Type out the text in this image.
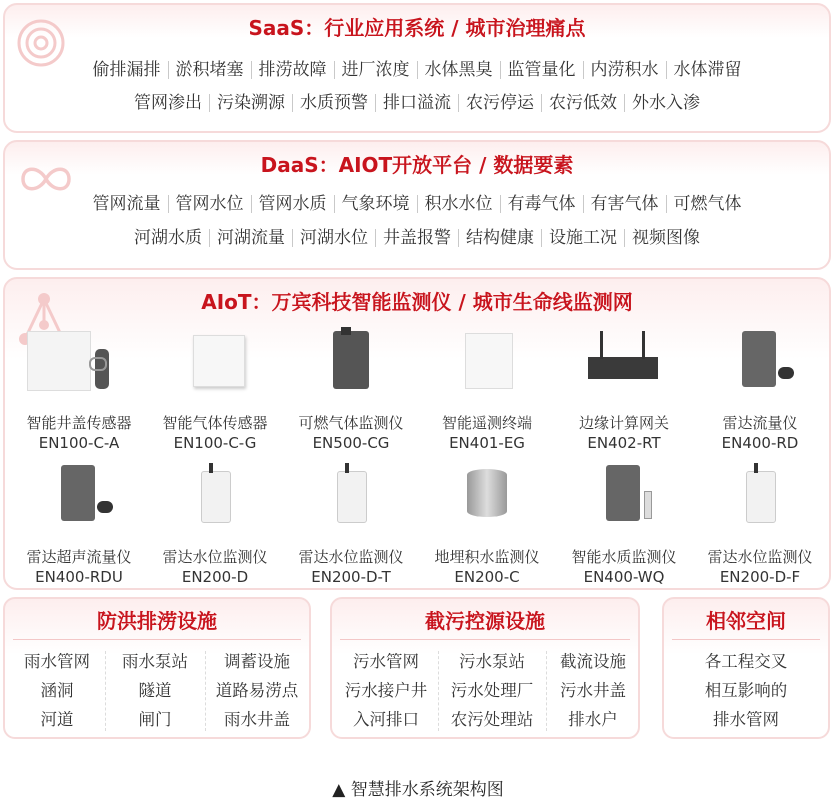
SaaS：行业应用系统 / 城市治理痛点
偷排漏排 淤积堵塞 排涝故障 进厂浓度 水体黑臭 监管量化 内涝积水 水体滞留
管网渗出 污染溯源 水质预警 排口溢流 农污停运 农污低效 外水入渗
DaaS：AIOT开放平台 / 数据要素
管网流量 管网水位 管网水质 气象环境 积水水位 有毒气体 有害气体 可燃气体
河湖水质 河湖流量 河湖水位 井盖报警 结构健康 设施工况 视频图像
AIoT：万宾科技智能监测仪 / 城市生命线监测网
智能井盖传感器
EN100-C-A
智能气体传感器
EN100-C-G
可燃气体监测仪
EN500-CG
智能遥测终端
EN401-EG
边缘计算网关
EN402-RT
雷达流量仪
EN400-RD
雷达超声流量仪
EN400-RDU
雷达水位监测仪
EN200-D
雷达水位监测仪
EN200-D-T
地埋积水监测仪
EN200-C
智能水质监测仪
EN400-WQ
雷达水位监测仪
EN200-D-F
防洪排涝设施
雨水管网
涵洞
河道
雨水泵站
隧道
闸门
调蓄设施
道路易涝点
雨水井盖
截污控源设施
污水管网
污水接户井
入河排口
污水泵站
污水处理厂
农污处理站
截流设施
污水井盖
排水户
相邻空间
各工程交叉
相互影响的
排水管网
▲ 智慧排水系统架构图
